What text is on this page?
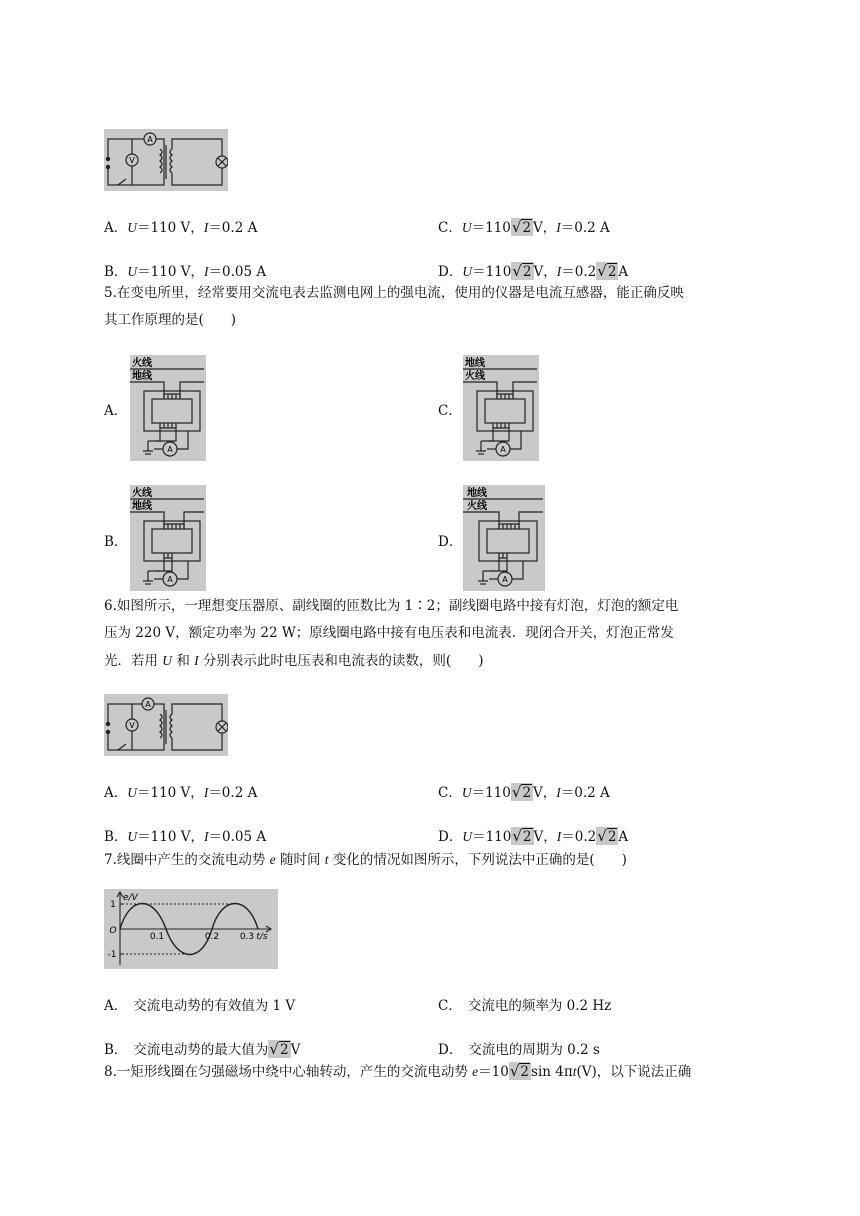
A
V
A．U＝110 V，I＝0.2 A	C．U＝110√2 V，I＝0.2 A
B．U＝110 V，I＝0.05 A	D．U＝110√2 V，I＝0.2√2 A
5.在变电所里，经常要用交流电表去监测电网上的强电流，使用的仪器是电流互感器，能正确反映
其工作原理的是(　　)
A．
火线
地线
A
C．
地线
火线
A
B．
火线
地线
A
D．
地线
火线
A
6.如图所示，一理想变压器原、副线圈的匝数比为 1∶2；副线圈电路中接有灯泡，灯泡的额定电
压为 220 V，额定功率为 22 W；原线圈电路中接有电压表和电流表．现闭合开关，灯泡正常发
光．若用 U 和 I 分别表示此时电压表和电流表的读数，则(　　)
A
V
A．U＝110 V，I＝0.2 A	C．U＝110√2 V，I＝0.2 A
B．U＝110 V，I＝0.05 A	D．U＝110√2 V，I＝0.2√2 A
7.线圈中产生的交流电动势 e 随时间 t 变化的情况如图所示，下列说法中正确的是(　　)
e/V
1
O
-1
0.1	0.2 0.3 t/s
A． 交流电动势的有效值为 1 V	C． 交流电的频率为 0.2 Hz
B． 交流电动势的最大值为√2 V	D． 交流电的周期为 0.2 s
8.一矩形线圈在匀强磁场中绕中心轴转动，产生的交流电动势 e＝10√2 sin 4πt(V)，以下说法正确
